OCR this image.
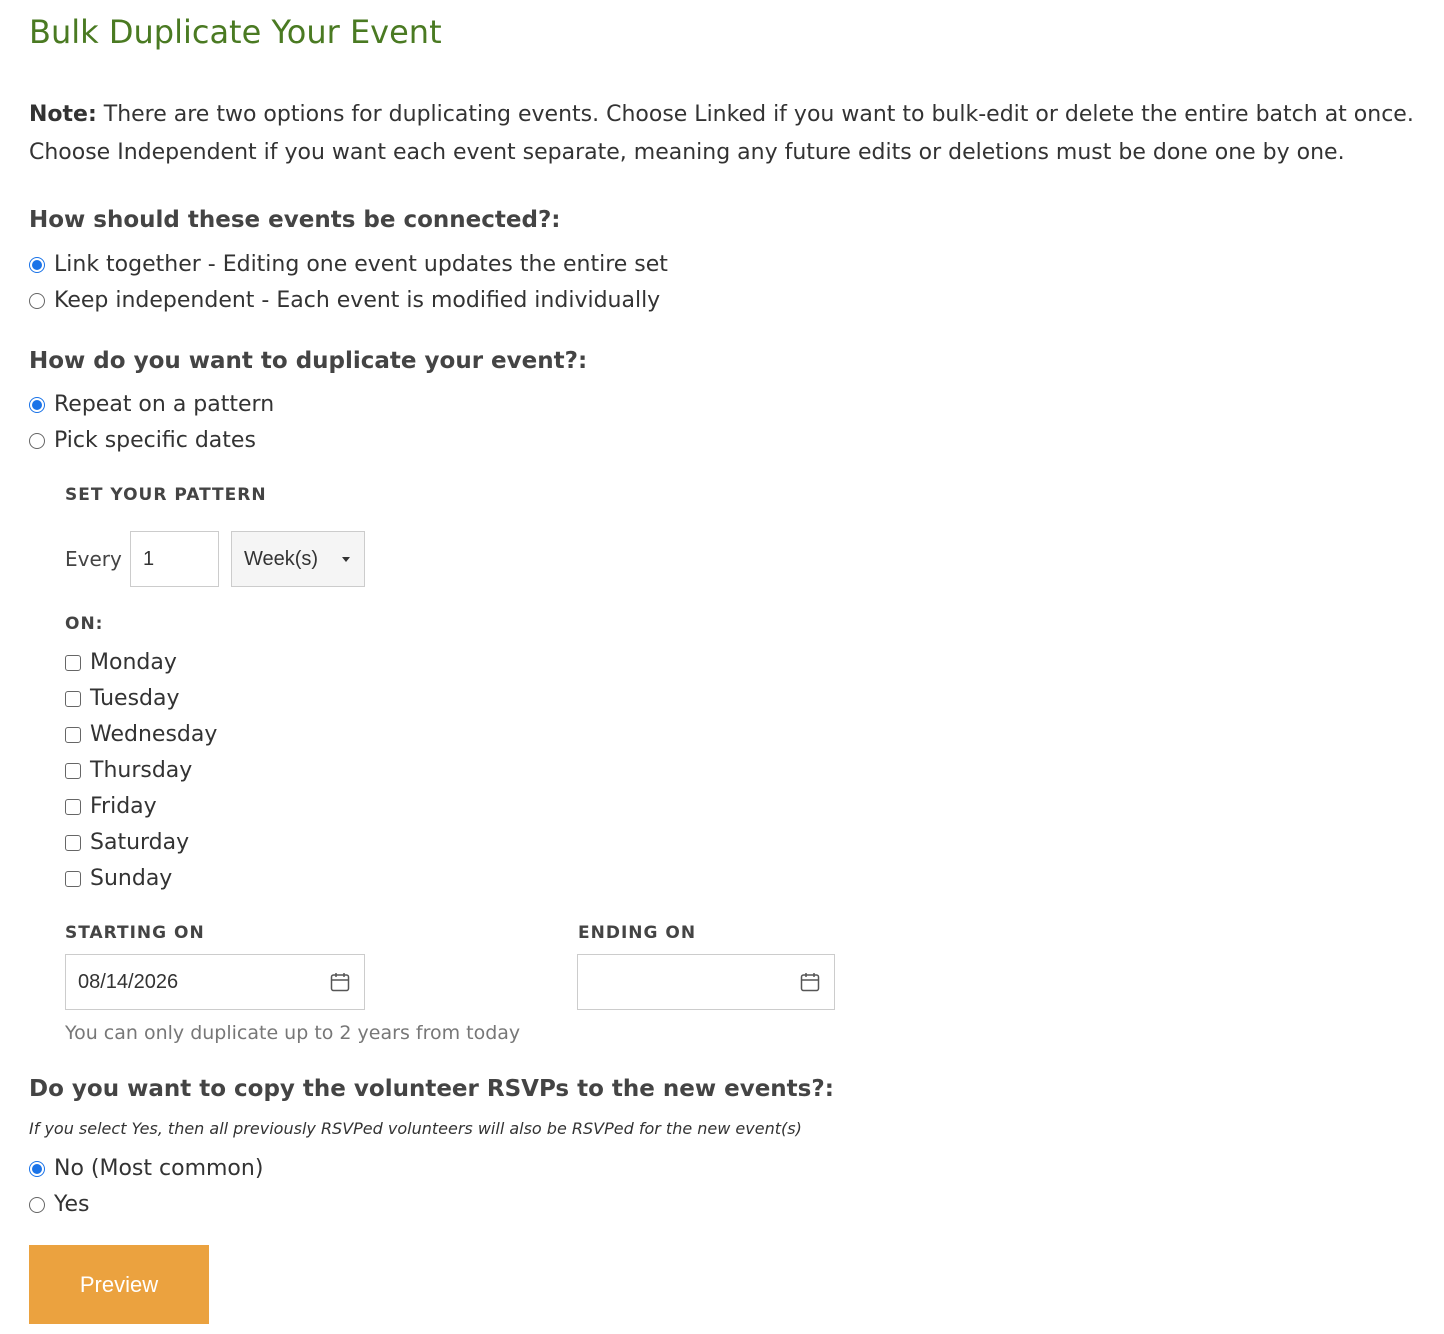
Bulk Duplicate Your Event

Note: There are two options for duplicating events. Choose Linked if you want to bulk-edit or delete the entire batch at once. Choose Independent if you want each event separate, meaning any future edits or deletions must be done one by one.

How should these events be connected?:
Link together - Editing one event updates the entire set
Keep independent - Each event is modified individually
How do you want to duplicate your event?:
Repeat on a pattern
Pick specific dates
SET YOUR PATTERN
Every
1	Week(s)
ON:
Monday
Tuesday
Wednesday
Thursday
Friday
Saturday
Sunday
STARTING ON	ENDING ON
08/14/2026
You can only duplicate up to 2 years from today
Do you want to copy the volunteer RSVPs to the new events?:
If you select Yes, then all previously RSVPed volunteers will also be RSVPed for the new event(s)
No (Most common)
Yes
Preview
